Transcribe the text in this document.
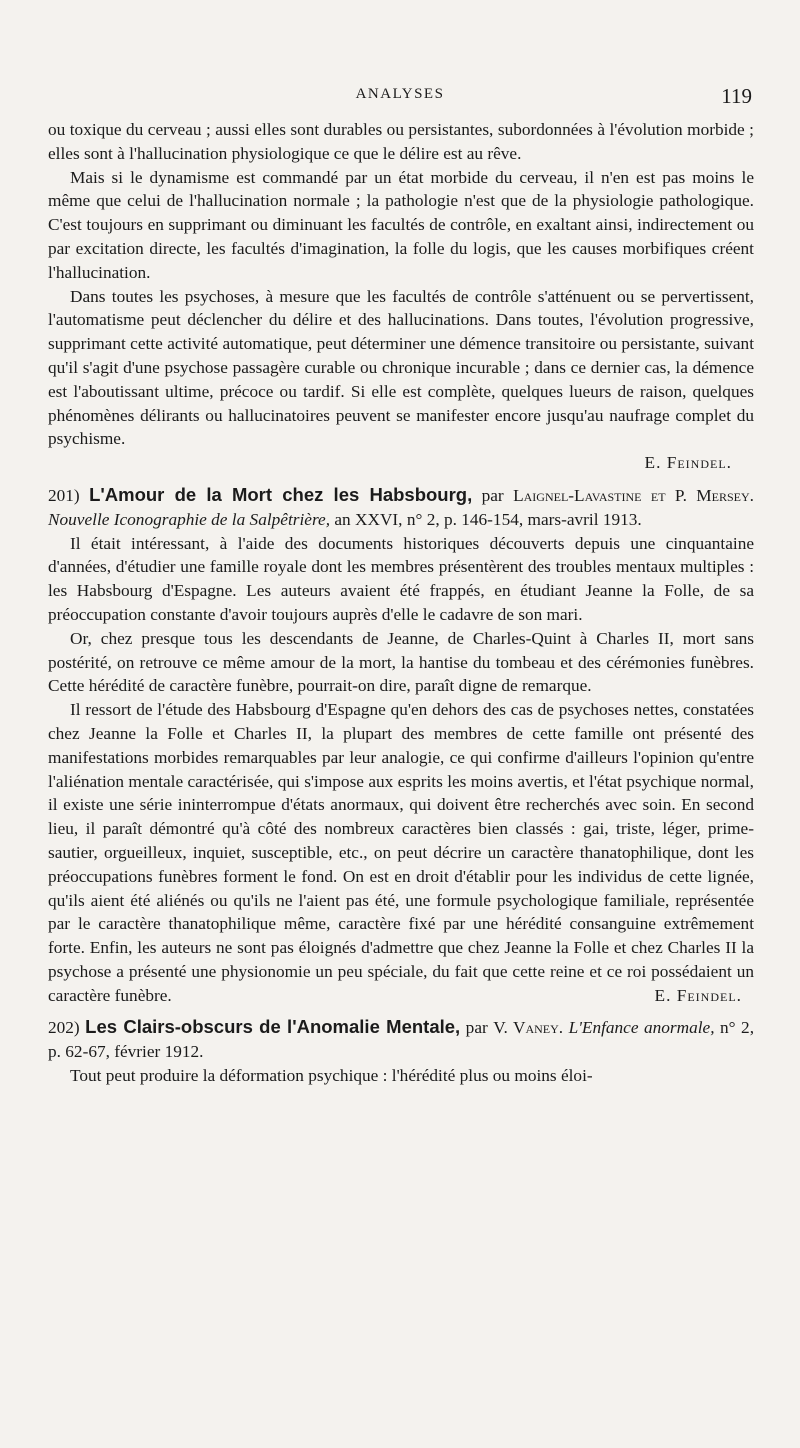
ANALYSES	119

ou toxique du cerveau ; aussi elles sont durables ou persistantes, subordonnées à l'évolution morbide ; elles sont à l'hallucination physiologique ce que le délire est au rêve.

Mais si le dynamisme est commandé par un état morbide du cerveau, il n'en est pas moins le même que celui de l'hallucination normale ; la pathologie n'est que de la physiologie pathologique. C'est toujours en supprimant ou diminuant les facultés de contrôle, en exaltant ainsi, indirectement ou par excitation directe, les facultés d'imagination, la folle du logis, que les causes morbifiques créent l'hallucination.

Dans toutes les psychoses, à mesure que les facultés de contrôle s'atténuent ou se pervertissent, l'automatisme peut déclencher du délire et des hallucinations. Dans toutes, l'évolution progressive, supprimant cette activité automatique, peut déterminer une démence transitoire ou persistante, suivant qu'il s'agit d'une psychose passagère curable ou chronique incurable ; dans ce dernier cas, la démence est l'aboutissant ultime, précoce ou tardif. Si elle est complète, quelques lueurs de raison, quelques phénomènes délirants ou hallucinatoires peuvent se manifester encore jusqu'au naufrage complet du psychisme.

E. Feindel.

201) L'Amour de la Mort chez les Habsbourg, par Laignel-Lavastine et P. Mersey. Nouvelle Iconographie de la Salpêtrière, an XXVI, n° 2, p. 146-154, mars-avril 1913.

Il était intéressant, à l'aide des documents historiques découverts depuis une cinquantaine d'années, d'étudier une famille royale dont les membres présentèrent des troubles mentaux multiples : les Habsbourg d'Espagne. Les auteurs avaient été frappés, en étudiant Jeanne la Folle, de sa préoccupation constante d'avoir toujours auprès d'elle le cadavre de son mari.

Or, chez presque tous les descendants de Jeanne, de Charles-Quint à Charles II, mort sans postérité, on retrouve ce même amour de la mort, la hantise du tombeau et des cérémonies funèbres. Cette hérédité de caractère funèbre, pourrait-on dire, paraît digne de remarque.

Il ressort de l'étude des Habsbourg d'Espagne qu'en dehors des cas de psychoses nettes, constatées chez Jeanne la Folle et Charles II, la plupart des membres de cette famille ont présenté des manifestations morbides remarquables par leur analogie, ce qui confirme d'ailleurs l'opinion qu'entre l'aliénation mentale caractérisée, qui s'impose aux esprits les moins avertis, et l'état psychique normal, il existe une série ininterrompue d'états anormaux, qui doivent être recherchés avec soin. En second lieu, il paraît démontré qu'à côté des nombreux caractères bien classés : gai, triste, léger, prime-sautier, orgueilleux, inquiet, susceptible, etc., on peut décrire un caractère thanatophilique, dont les préoccupations funèbres forment le fond. On est en droit d'établir pour les individus de cette lignée, qu'ils aient été aliénés ou qu'ils ne l'aient pas été, une formule psychologique familiale, représentée par le caractère thanatophilique même, caractère fixé par une hérédité consanguine extrêmement forte. Enfin, les auteurs ne sont pas éloignés d'admettre que chez Jeanne la Folle et chez Charles II la psychose a présenté une physionomie un peu spéciale, du fait que cette reine et ce roi possédaient un caractère funèbre.	E. Feindel.

202) Les Clairs-obscurs de l'Anomalie Mentale, par V. Vaney. L'Enfance anormale, n° 2, p. 62-67, février 1912.

Tout peut produire la déformation psychique : l'hérédité plus ou moins éloi-
